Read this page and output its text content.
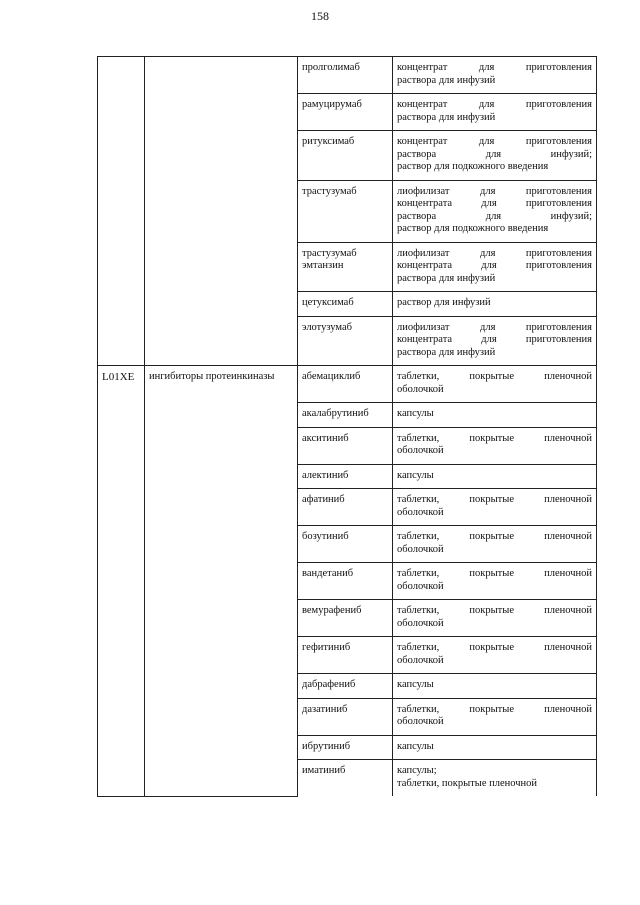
158
		пролголимаб	концентрат для приготовления
раствора для инфузий

		рамуцирумаб	концентрат для приготовления
раствора для инфузий

		ритуксимаб	концентрат для приготовления
раствора для инфузий;
раствор для подкожного введения

		трастузумаб	лиофилизат для приготовления
концентрата для приготовления
раствора для инфузий;
раствор для подкожного введения

		трастузумаб эмтанзин	лиофилизат для приготовления
концентрата для приготовления
раствора для инфузий

		цетуксимаб	раствор для инфузий

		элотузумаб	лиофилизат для приготовления
концентрата для приготовления
раствора для инфузий

L01XE	ингибиторы протеинкиназы	абемациклиб	таблетки, покрытые пленочной
оболочкой

		акалабрутиниб	капсулы

		акситиниб	таблетки, покрытые пленочной
оболочкой

		алектиниб	капсулы

		афатиниб	таблетки, покрытые пленочной
оболочкой

		бозутиниб	таблетки, покрытые пленочной
оболочкой

		вандетаниб	таблетки, покрытые пленочной
оболочкой

		вемурафениб	таблетки, покрытые пленочной
оболочкой

		гефитиниб	таблетки, покрытые пленочной
оболочкой

		дабрафениб	капсулы

		дазатиниб	таблетки, покрытые пленочной
оболочкой

		ибрутиниб	капсулы

		иматиниб	капсулы;
таблетки, покрытые пленочной
